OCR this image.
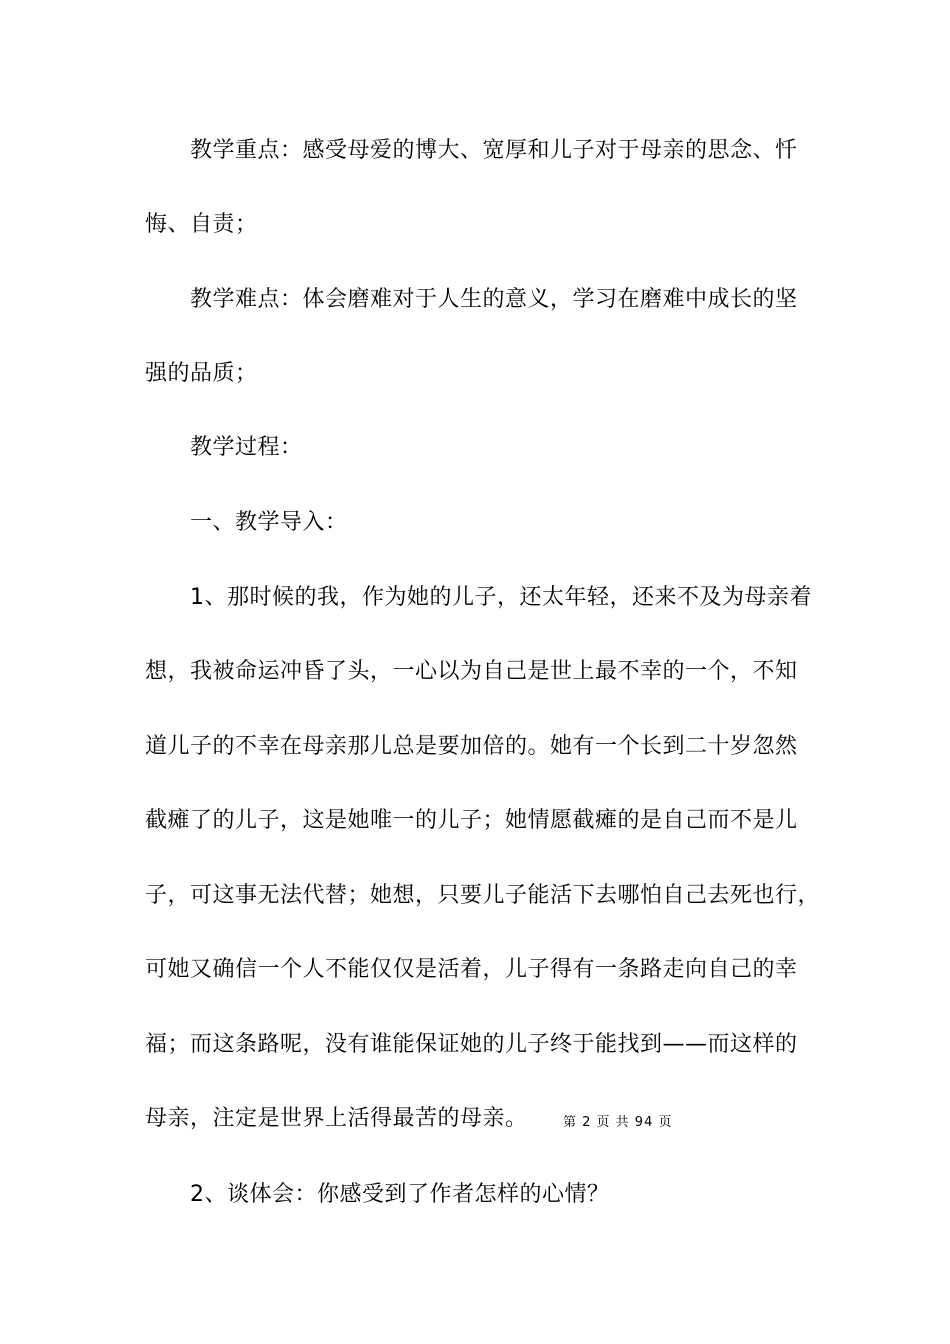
教学重点：感受母爱的博大、宽厚和儿子对于母亲的思念、忏
悔、自责；
教学难点：体会磨难对于人生的意义，学习在磨难中成长的坚
强的品质；
教学过程：
一、教学导入：
1、那时候的我，作为她的儿子，还太年轻，还来不及为母亲着
想，我被命运冲昏了头，一心以为自己是世上最不幸的一个，不知
道儿子的不幸在母亲那儿总是要加倍的。她有一个长到二十岁忽然
截瘫了的儿子，这是她唯一的儿子；她情愿截瘫的是自己而不是儿
子，可这事无法代替；她想，只要儿子能活下去哪怕自己去死也行，
可她又确信一个人不能仅仅是活着，儿子得有一条路走向自己的幸
福；而这条路呢，没有谁能保证她的儿子终于能找到——而这样的
母亲，注定是世界上活得最苦的母亲。	第 2 页 共 94 页
2、谈体会：你感受到了作者怎样的心情？
